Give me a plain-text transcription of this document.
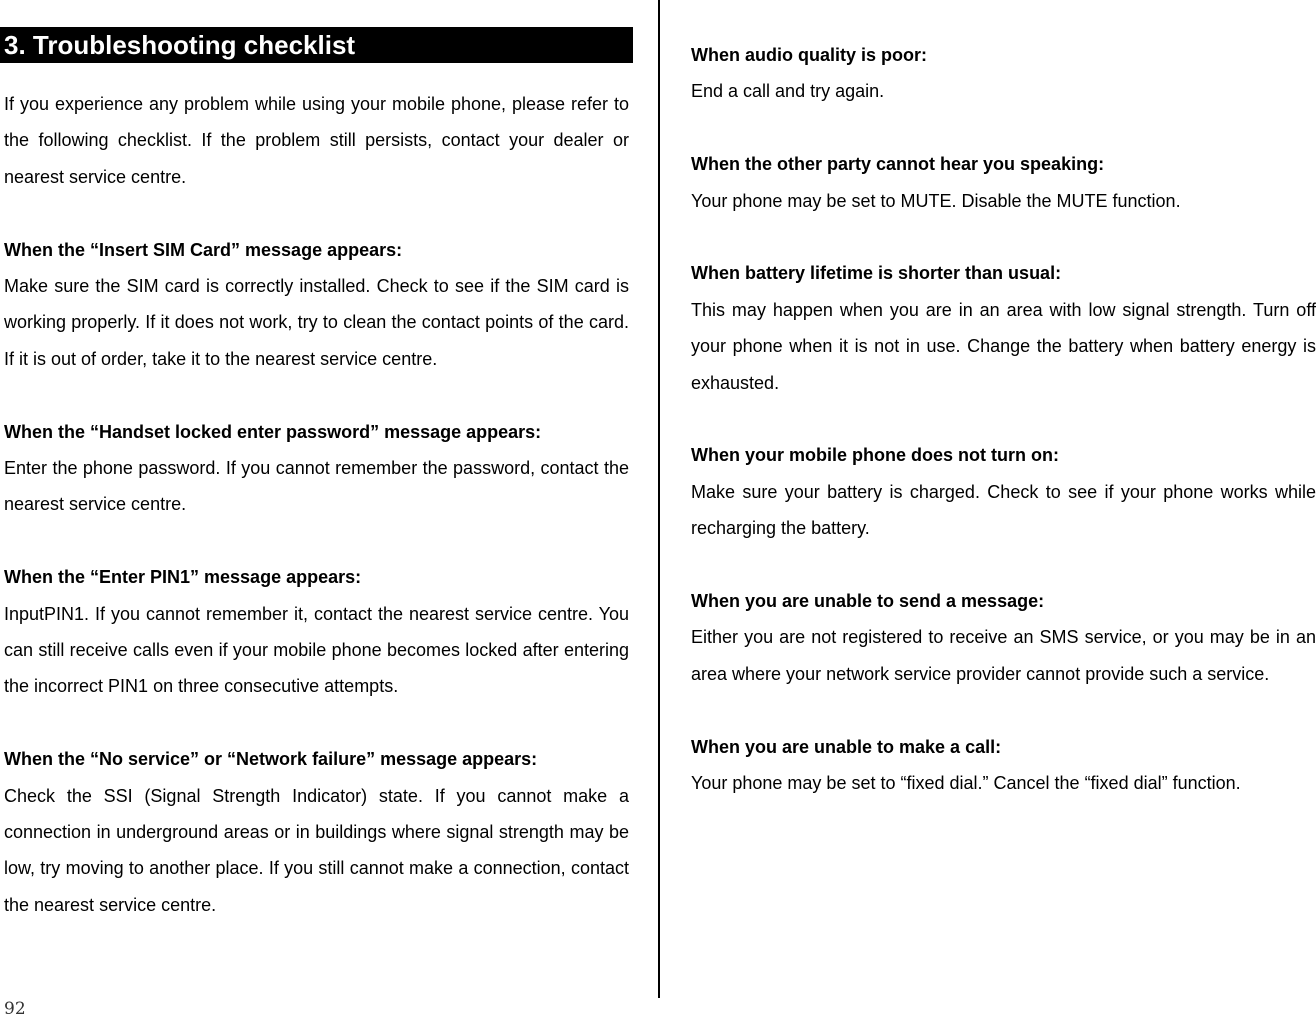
3. Troubleshooting checklist

If you experience any problem while using your mobile phone, please refer to the following checklist. If the problem still persists, contact your dealer or nearest service centre.

When the “Insert SIM Card” message appears:

Make sure the SIM card is correctly installed. Check to see if the SIM card is working properly. If it does not work, try to clean the contact points of the card. If it is out of order, take it to the nearest service centre.

When the “Handset locked enter password” message appears:

Enter the phone password. If you cannot remember the password, contact the nearest service centre.

When the “Enter PIN1” message appears:

InputPIN1. If you cannot remember it, contact the nearest service centre. You can still receive calls even if your mobile phone becomes locked after entering the incorrect PIN1 on three consecutive attempts.

When the “No service” or “Network failure” message appears:

Check the SSI (Signal Strength Indicator) state. If you cannot make a connection in underground areas or in buildings where signal strength may be low, try moving to another place. If you still cannot make a connection, contact the nearest service centre.

When audio quality is poor:

End a call and try again.

When the other party cannot hear you speaking:

Your phone may be set to MUTE. Disable the MUTE function.

When battery lifetime is shorter than usual:

This may happen when you are in an area with low signal strength. Turn off your phone when it is not in use. Change the battery when battery energy is exhausted.

When your mobile phone does not turn on:

Make sure your battery is charged. Check to see if your phone works while recharging the battery.

When you are unable to send a message:

Either you are not registered to receive an SMS service, or you may be in an area where your network service provider cannot provide such a service.

When you are unable to make a call:

Your phone may be set to “fixed dial.” Cancel the “fixed dial” function.

92
